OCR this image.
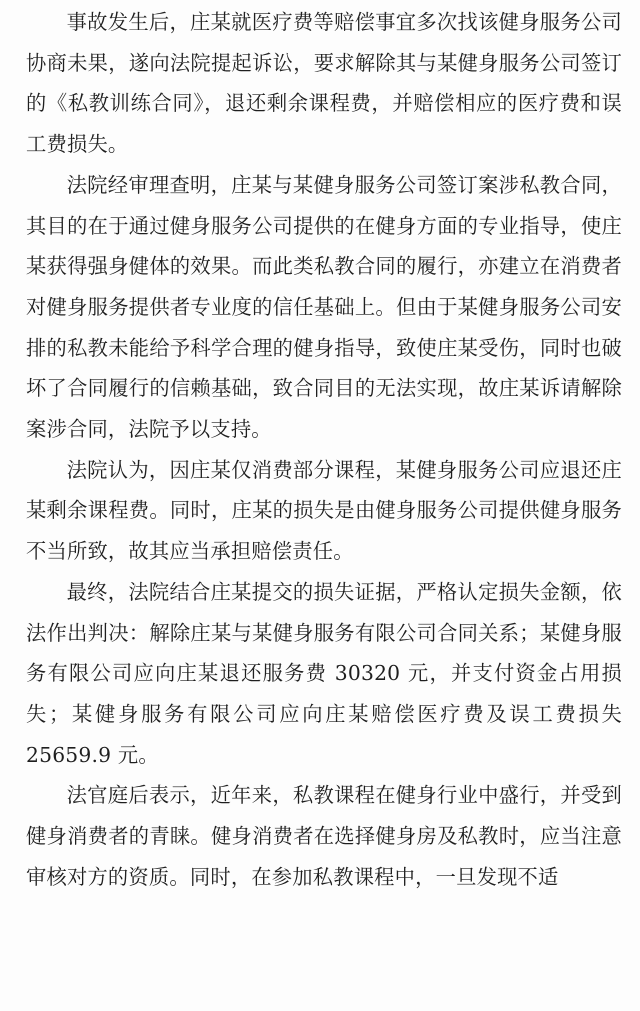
事故发生后，庄某就医疗费等赔偿事宜多次找该健身服务公司协商未果，遂向法院提起诉讼，要求解除其与某健身服务公司签订的《私教训练合同》，退还剩余课程费，并赔偿相应的医疗费和误工费损失。

法院经审理查明，庄某与某健身服务公司签订案涉私教合同，其目的在于通过健身服务公司提供的在健身方面的专业指导，使庄某获得强身健体的效果。而此类私教合同的履行，亦建立在消费者对健身服务提供者专业度的信任基础上。但由于某健身服务公司安排的私教未能给予科学合理的健身指导，致使庄某受伤，同时也破坏了合同履行的信赖基础，致合同目的无法实现，故庄某诉请解除案涉合同，法院予以支持。

法院认为，因庄某仅消费部分课程，某健身服务公司应退还庄某剩余课程费。同时，庄某的损失是由健身服务公司提供健身服务不当所致，故其应当承担赔偿责任。

最终，法院结合庄某提交的损失证据，严格认定损失金额，依法作出判决：解除庄某与某健身服务有限公司合同关系；某健身服务有限公司应向庄某退还服务费 30320 元，并支付资金占用损失；某健身服务有限公司应向庄某赔偿医疗费及误工费损失25659.9 元。

法官庭后表示，近年来，私教课程在健身行业中盛行，并受到健身消费者的青睐。健身消费者在选择健身房及私教时，应当注意审核对方的资质。同时，在参加私教课程中，一旦发现不适
